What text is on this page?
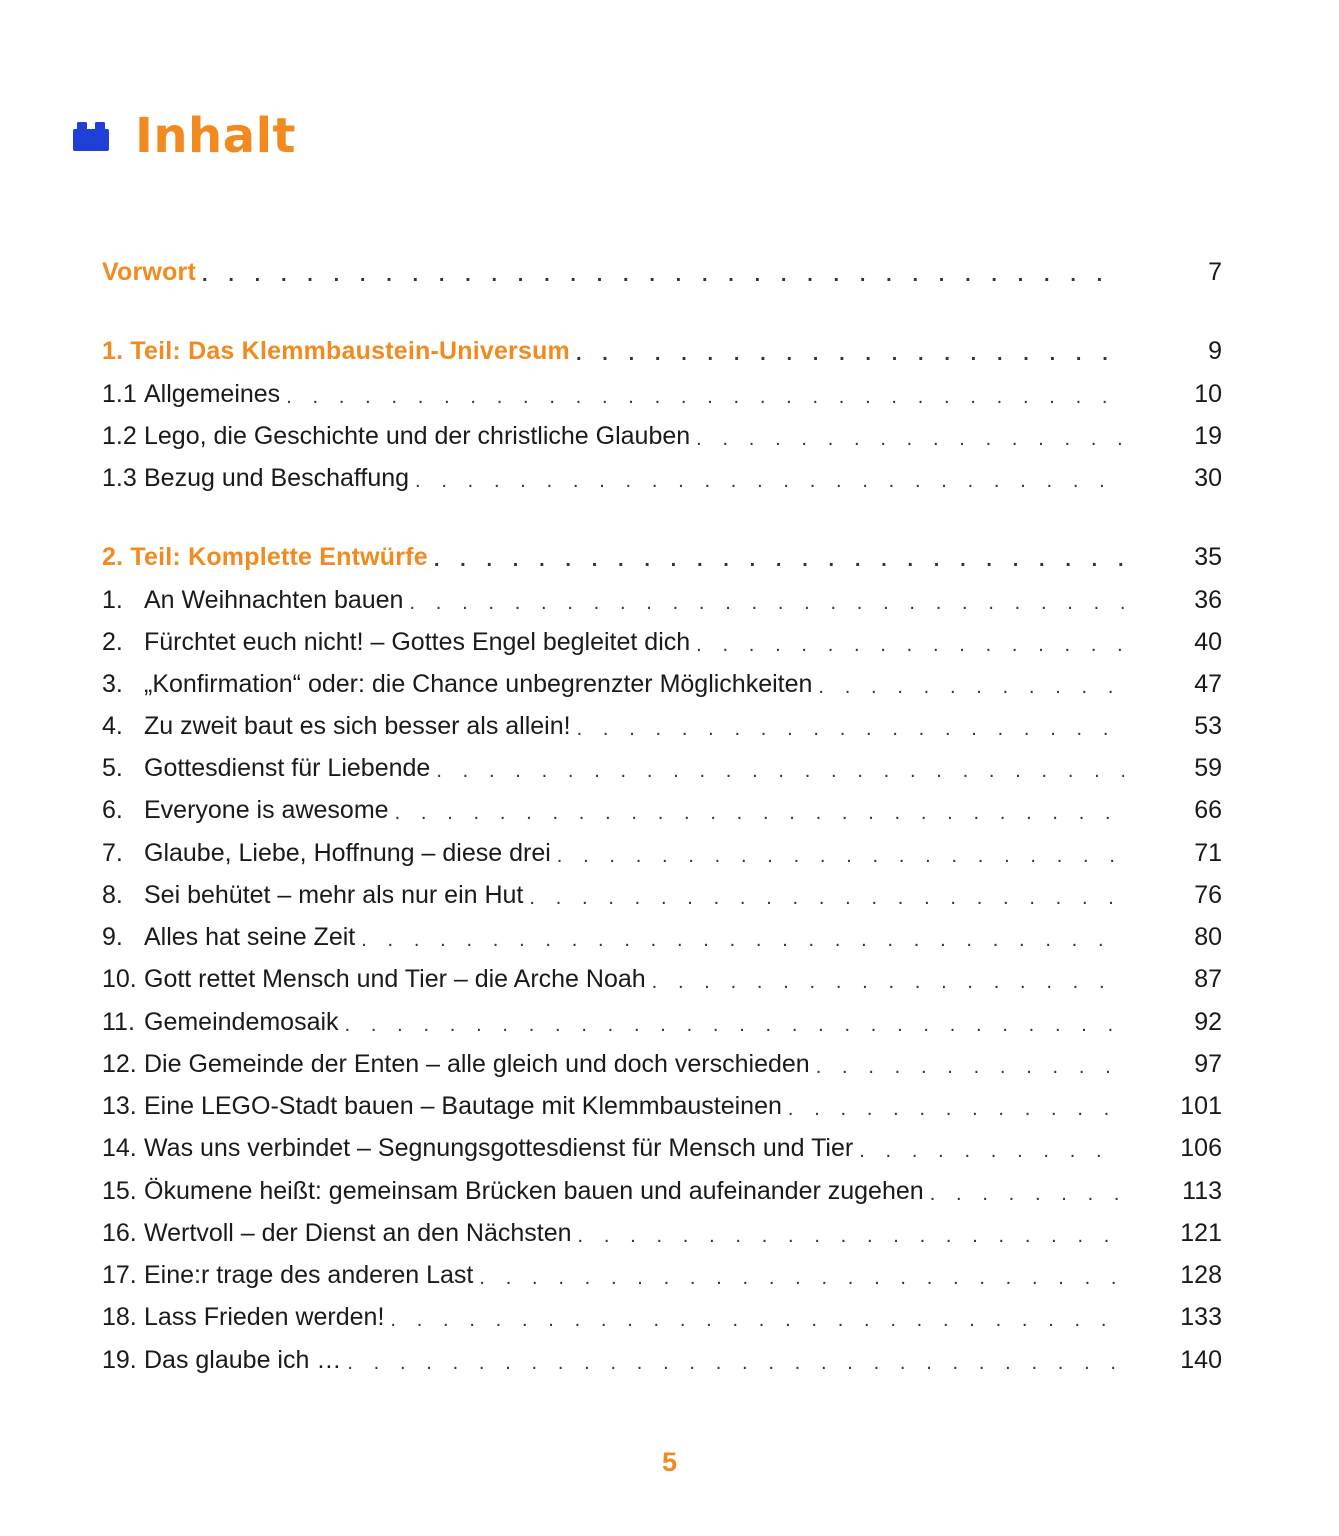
Inhalt
Vorwort . . .	7
1. Teil: Das Klemmbaustein-Universum . . .	9
1.1 Allgemeines . . .	10
1.2 Lego, die Geschichte und der christliche Glauben . . .	19
1.3 Bezug und Beschaffung . . .	30
2. Teil: Komplette Entwürfe . . .	35
1. An Weihnachten bauen . . .	36
2. Fürchtet euch nicht! – Gottes Engel begleitet dich . . .	40
3. „Konfirmation“ oder: die Chance unbegrenzter Möglichkeiten . . .	47
4. Zu zweit baut es sich besser als allein! . . .	53
5. Gottesdienst für Liebende . . .	59
6. Everyone is awesome . . .	66
7. Glaube, Liebe, Hoffnung – diese drei . . .	71
8. Sei behütet – mehr als nur ein Hut . . .	76
9. Alles hat seine Zeit . . .	80
10. Gott rettet Mensch und Tier – die Arche Noah . . .	87
11. Gemeindemosaik . . .	92
12. Die Gemeinde der Enten – alle gleich und doch verschieden . . .	97
13. Eine LEGO-Stadt bauen – Bautage mit Klemmbausteinen . . .	101
14. Was uns verbindet – Segnungsgottesdienst für Mensch und Tier . . .	106
15. Ökumene heißt: gemeinsam Brücken bauen und aufeinander zugehen . . .	113
16. Wertvoll – der Dienst an den Nächsten . . .	121
17. Eine:r trage des anderen Last . . .	128
18. Lass Frieden werden! . . .	133
19. Das glaube ich … . . .	140
5
